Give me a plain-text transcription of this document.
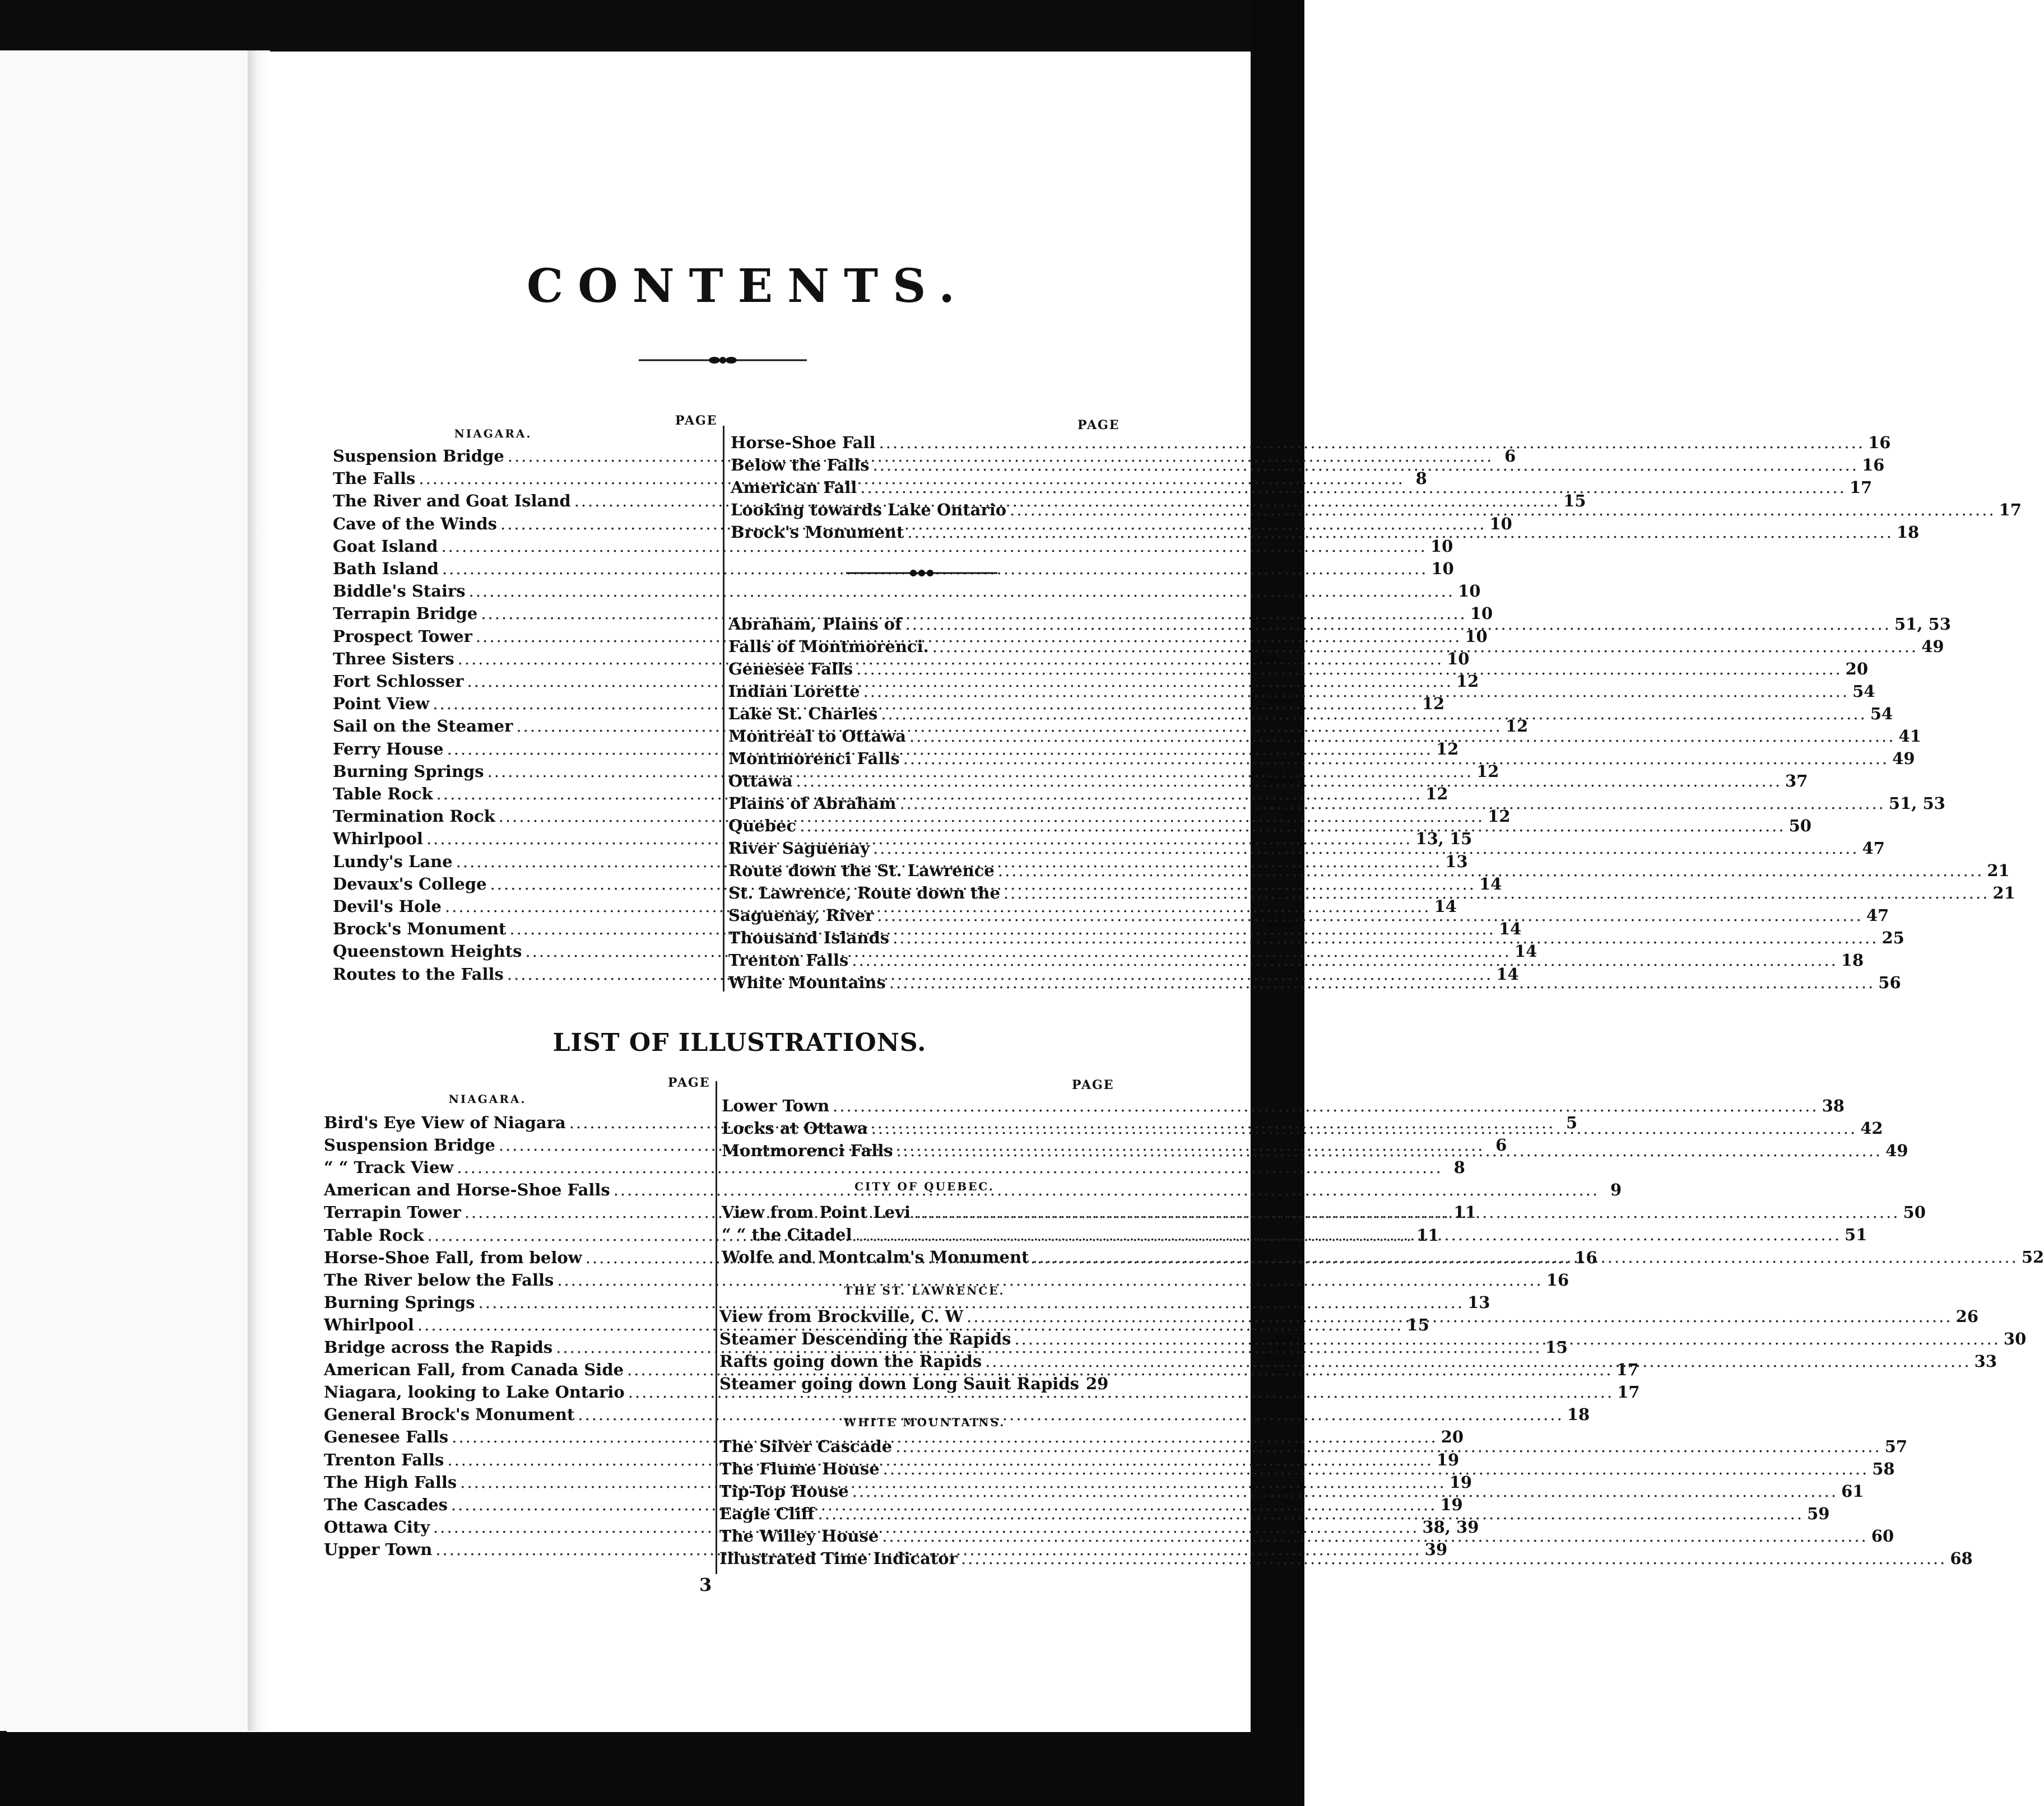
CONTENTS.
PAGE
NIAGARA.
Suspension Bridge .....	6
The Falls .....	8
The River and Goat Island .....	15
Cave of the Winds .....	10
Goat Island .....	10
Bath Island .....	10
Biddle's Stairs .....	10
Terrapin Bridge .....	10
Prospect Tower .....	10
Three Sisters .....	10
Fort Schlosser .....	12
Point View .....	12
Sail on the Steamer .....	12
Ferry House .....	12
Burning Springs .....	12
Table Rock .....	12
Termination Rock .....	12
Whirlpool .....	13, 15
Lundy's Lane .....	13
Devaux's College .....	14
Devil's Hole .....	14
Brock's Monument .....	14
Queenstown Heights .....	14
Routes to the Falls .....	14
PAGE
Horse-Shoe Fall .....	16
Below the Falls .....	16
American Fall .....	17
Looking towards Lake Ontario .....	17
Brock's Monument .....	18
Abraham, Plains of .....	51, 53
Falls of Montmorenci. .....	49
Genesee Falls .....	20
Indian Lorette .....	54
Lake St. Charles .....	54
Montreal to Ottawa .....	41
Montmorenci Falls .....	49
Ottawa .....	37
Plains of Abraham .....	51, 53
Quebec .....	50
River Saguenay .....	47
Route down the St. Lawrence .....	21
St. Lawrence, Route down the .....	21
Saguenay, River .....	47
Thousand Islands .....	25
Trenton Falls .....	18
White Mountains .....	56
LIST OF ILLUSTRATIONS.
PAGE
NIAGARA.
Bird's Eye View of Niagara .....	5
Suspension Bridge .....	6
“ “ Track View .....	8
American and Horse-Shoe Falls .....	9
Terrapin Tower .....	11
Table Rock .....	11
Horse-Shoe Fall, from below .....	16
The River below the Falls .....	16
Burning Springs .....	13
Whirlpool .....	15
Bridge across the Rapids .....	15
American Fall, from Canada Side .....	17
Niagara, looking to Lake Ontario .....	17
General Brock's Monument .....	18
Genesee Falls .....	20
Trenton Falls .....	19
The High Falls .....	19
The Cascades .....	19
Ottawa City .....	38, 39
Upper Town .....	39
PAGE
Lower Town .....	38
Locks at Ottawa .....	42
Montmorenci Falls .....	49
CITY OF QUEBEC.
View from Point Levi .....	50
“ “ the Citadel .....	51
Wolfe and Montcalm's Monument .....	52
THE ST. LAWRENCE.
View from Brockville, C. W .....	26
Steamer Descending the Rapids .....	30
Rafts going down the Rapids .....	33
Steamer going down Long Sauit Rapids 29
WHITE MOUNTAINS.
The Silver Cascade .....	57
The Flume House .....	58
Tip-Top House .....	61
Eagle Cliff .....	59
The Willey House .....	60
Illustrated Time Indicator .....	68
3
